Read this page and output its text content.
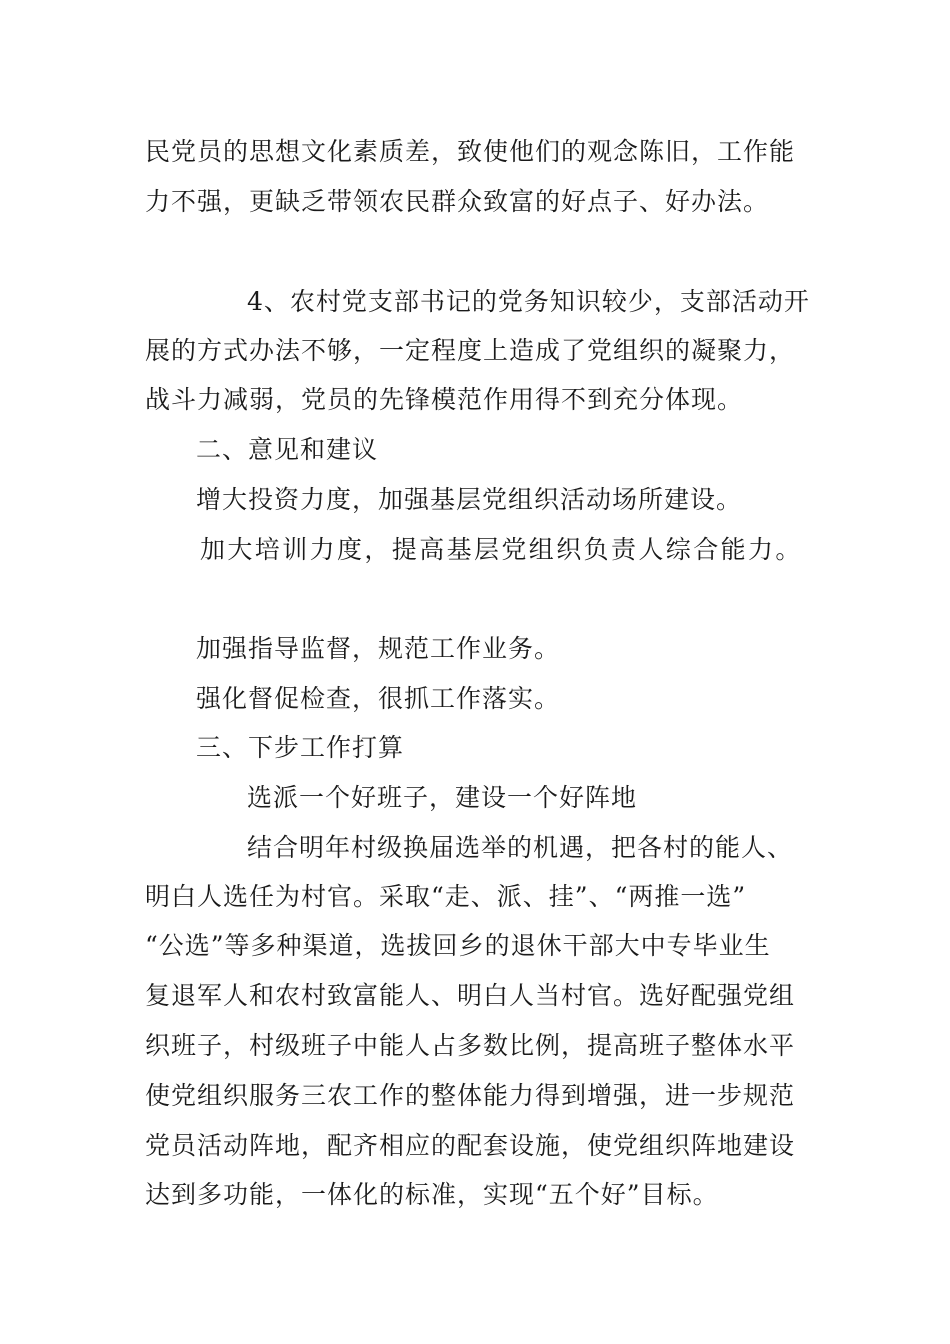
民党员的思想文化素质差，致使他们的观念陈旧，工作能
力不强，更缺乏带领农民群众致富的好点子、好办法。
4、农村党支部书记的党务知识较少，支部活动开
展的方式办法不够，一定程度上造成了党组织的凝聚力，
战斗力减弱，党员的先锋模范作用得不到充分体现。
二、意见和建议
增大投资力度，加强基层党组织活动场所建设。
加大培训力度，提高基层党组织负责人综合能力。
加强指导监督，规范工作业务。
强化督促检查，很抓工作落实。
三、下步工作打算
选派一个好班子，建设一个好阵地
结合明年村级换届选举的机遇，把各村的能人、
明白人选任为村官。采取“走、派、挂”、“两推一选”
“公选”等多种渠道，选拔回乡的退休干部大中专毕业生
复退军人和农村致富能人、明白人当村官。选好配强党组
织班子，村级班子中能人占多数比例，提高班子整体水平
使党组织服务三农工作的整体能力得到增强，进一步规范
党员活动阵地，配齐相应的配套设施，使党组织阵地建设
达到多功能，一体化的标准，实现“五个好”目标。
